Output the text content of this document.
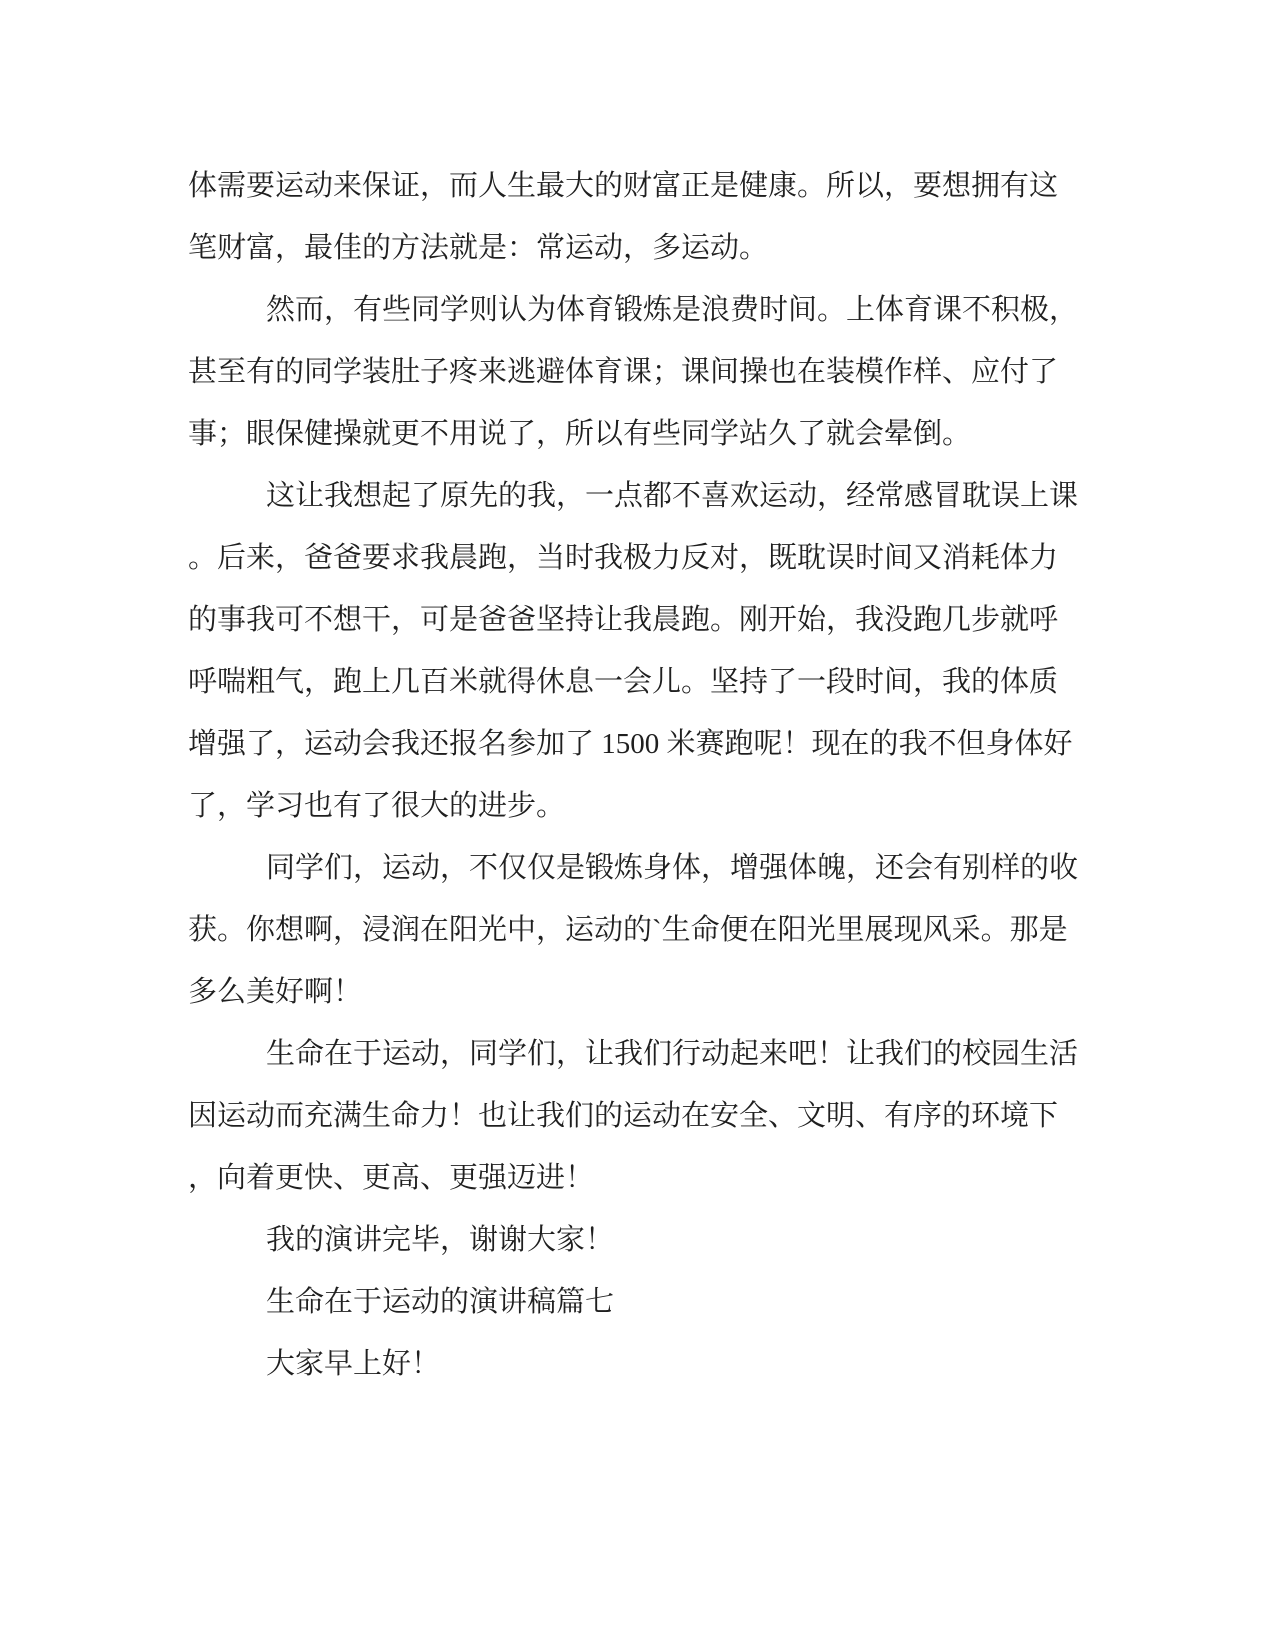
体需要运动来保证，而人生最大的财富正是健康。所以，要想拥有这
笔财富，最佳的方法就是：常运动，多运动。
然而，有些同学则认为体育锻炼是浪费时间。上体育课不积极，
甚至有的同学装肚子疼来逃避体育课；课间操也在装模作样、应付了
事；眼保健操就更不用说了，所以有些同学站久了就会晕倒。
这让我想起了原先的我，一点都不喜欢运动，经常感冒耽误上课
。后来，爸爸要求我晨跑，当时我极力反对，既耽误时间又消耗体力
的事我可不想干，可是爸爸坚持让我晨跑。刚开始，我没跑几步就呼
呼喘粗气，跑上几百米就得休息一会儿。坚持了一段时间，我的体质
增强了，运动会我还报名参加了 1500 米赛跑呢！现在的我不但身体好
了，学习也有了很大的进步。
同学们，运动，不仅仅是锻炼身体，增强体魄，还会有别样的收
获。你想啊，浸润在阳光中，运动的`生命便在阳光里展现风采。那是
多么美好啊！
生命在于运动，同学们，让我们行动起来吧！让我们的校园生活
因运动而充满生命力！也让我们的运动在安全、文明、有序的环境下
，向着更快、更高、更强迈进！
我的演讲完毕，谢谢大家！
生命在于运动的演讲稿篇七
大家早上好！
